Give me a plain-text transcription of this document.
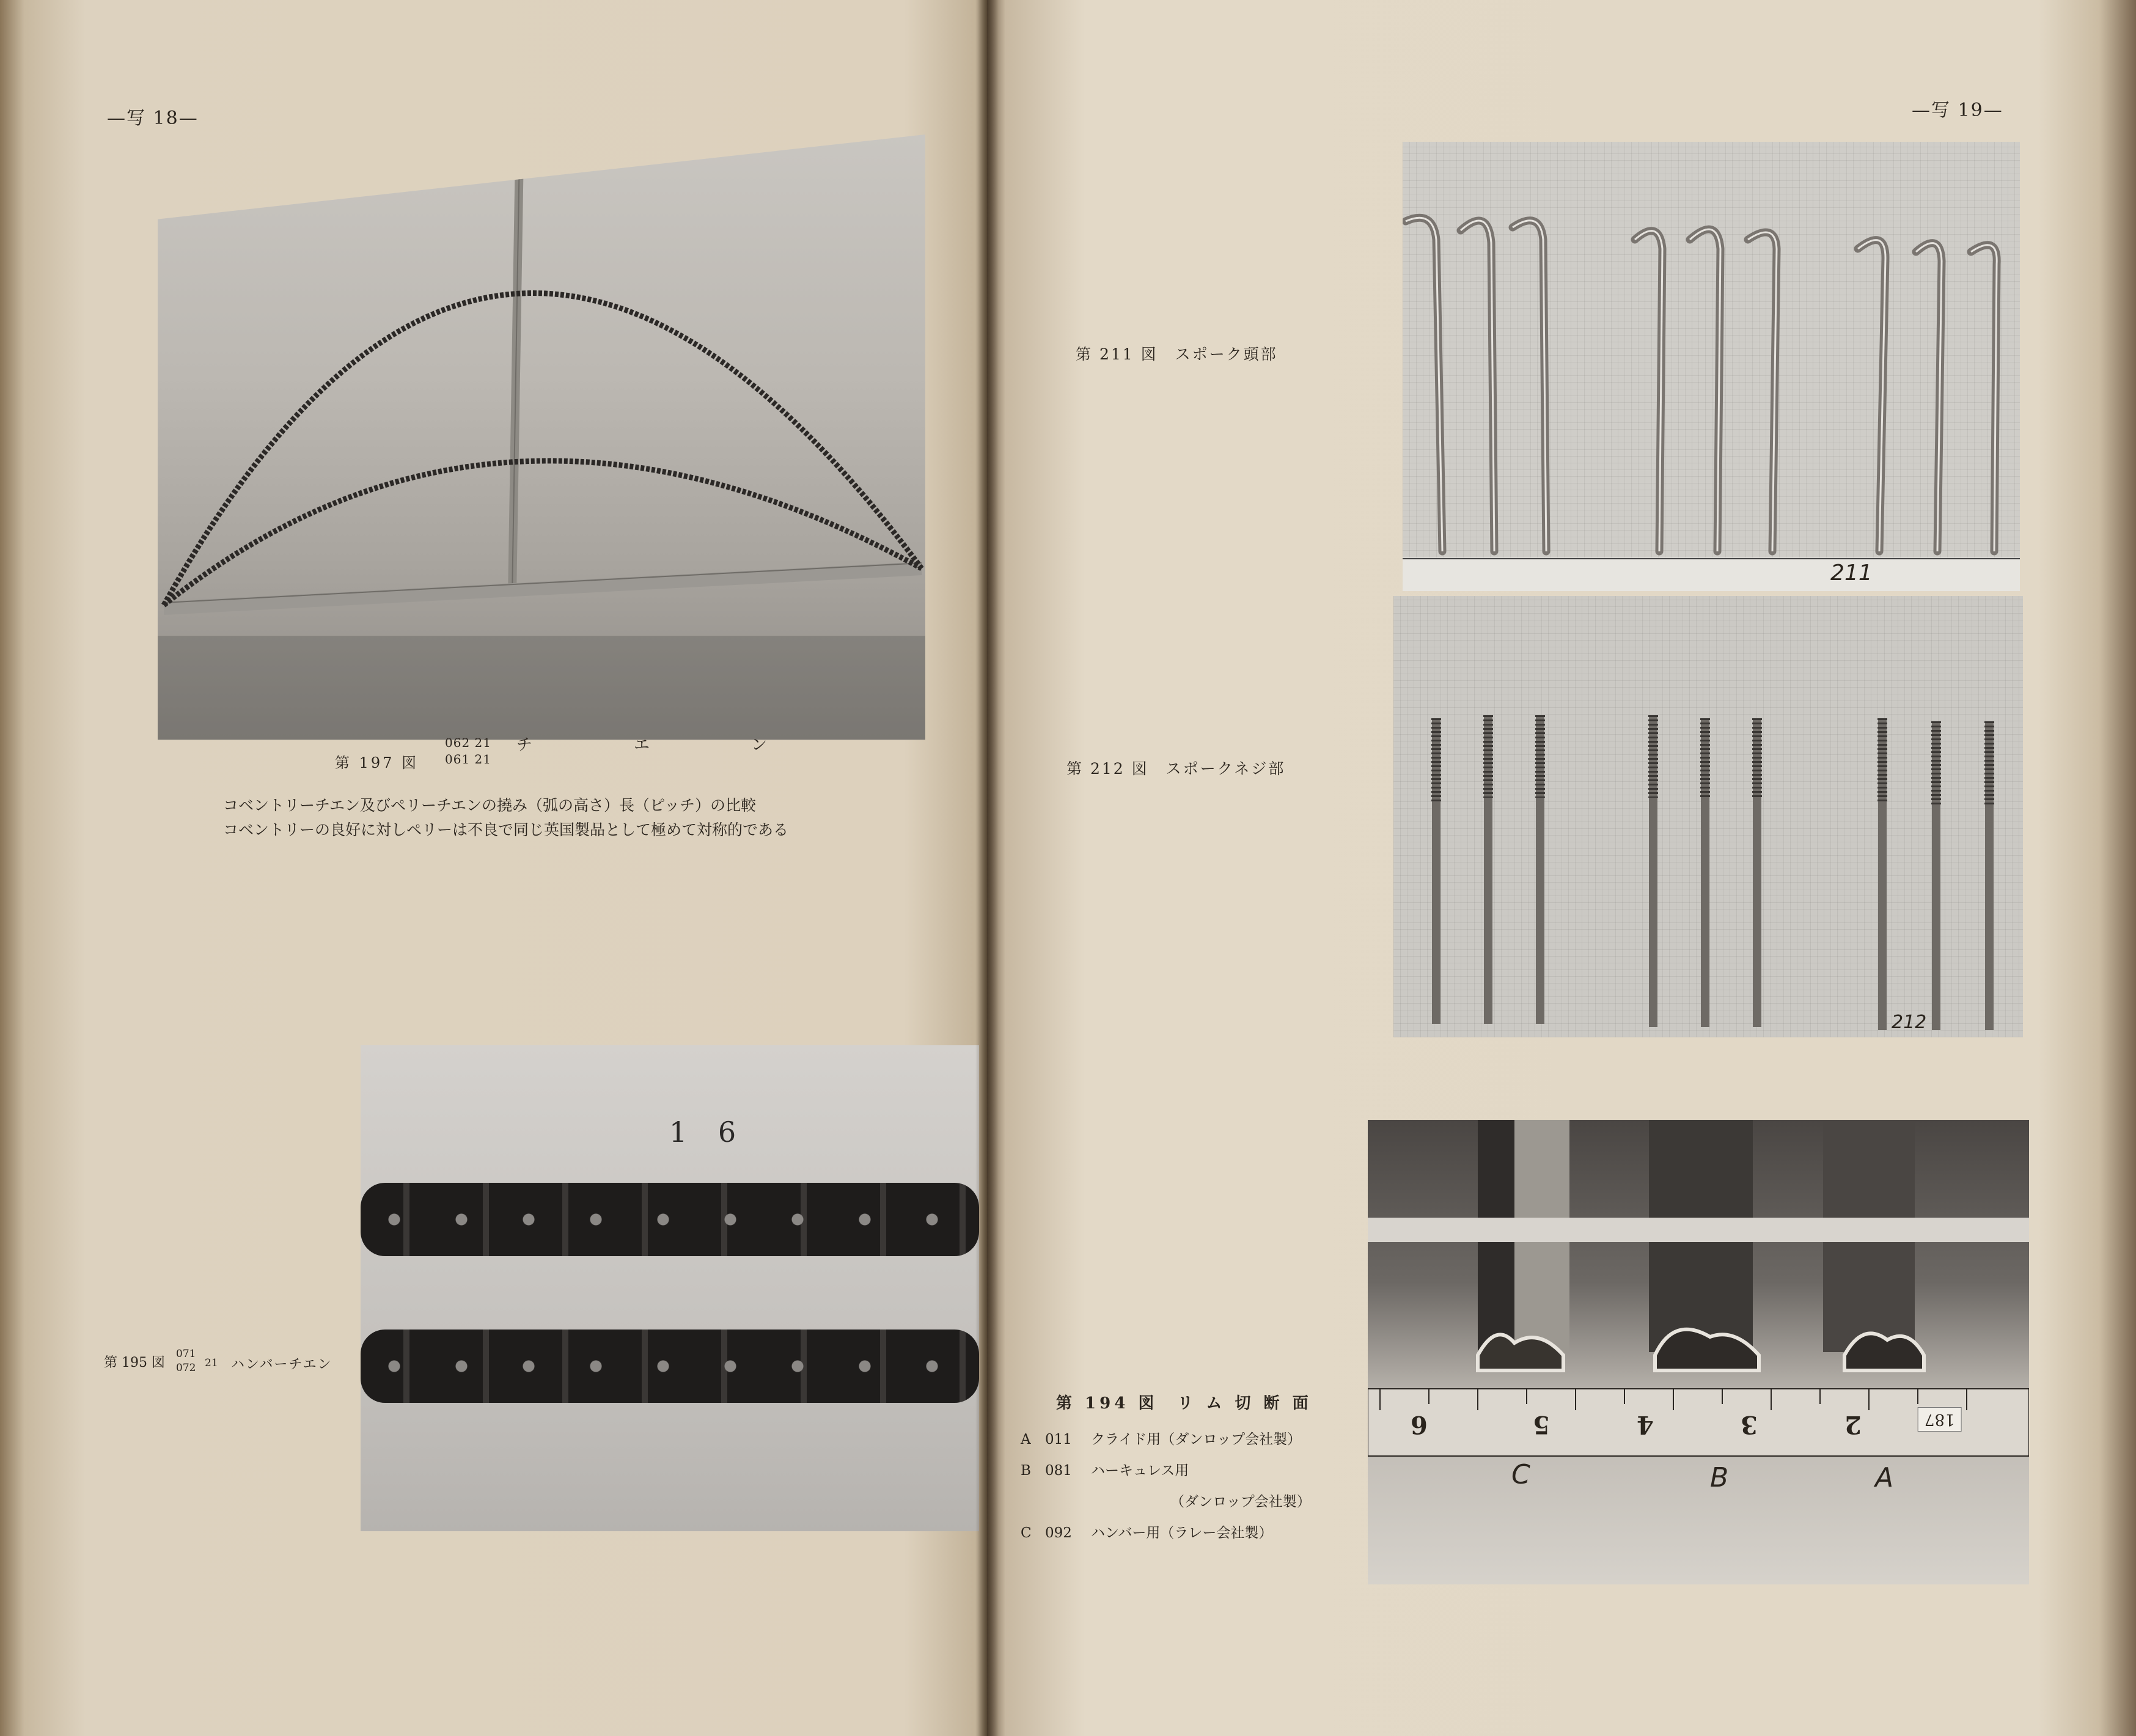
—写 18—
第 197 図
062 21
061 21
チ　エ　ン
コベントリーチエン及びペリーチエンの撓み（弧の高さ）長（ピッチ）の比較
コベントリーの良好に対しペリーは不良で同じ英国製品として極めて対称的である
1 6
第 195 図
071
072 21 ハンバーチエン
—写 19—
第 211 図　スポーク頭部
第 212 図　スポークネジ部
第 194 図　リ ム 切 断 面
A 011 クライド用（ダンロップ会社製）
B 081 ハーキュレス用
（ダンロップ会社製）
C 092 ハンバー用（ラレー会社製）
211
212
6	5	4	3	2	187
C	B	A
